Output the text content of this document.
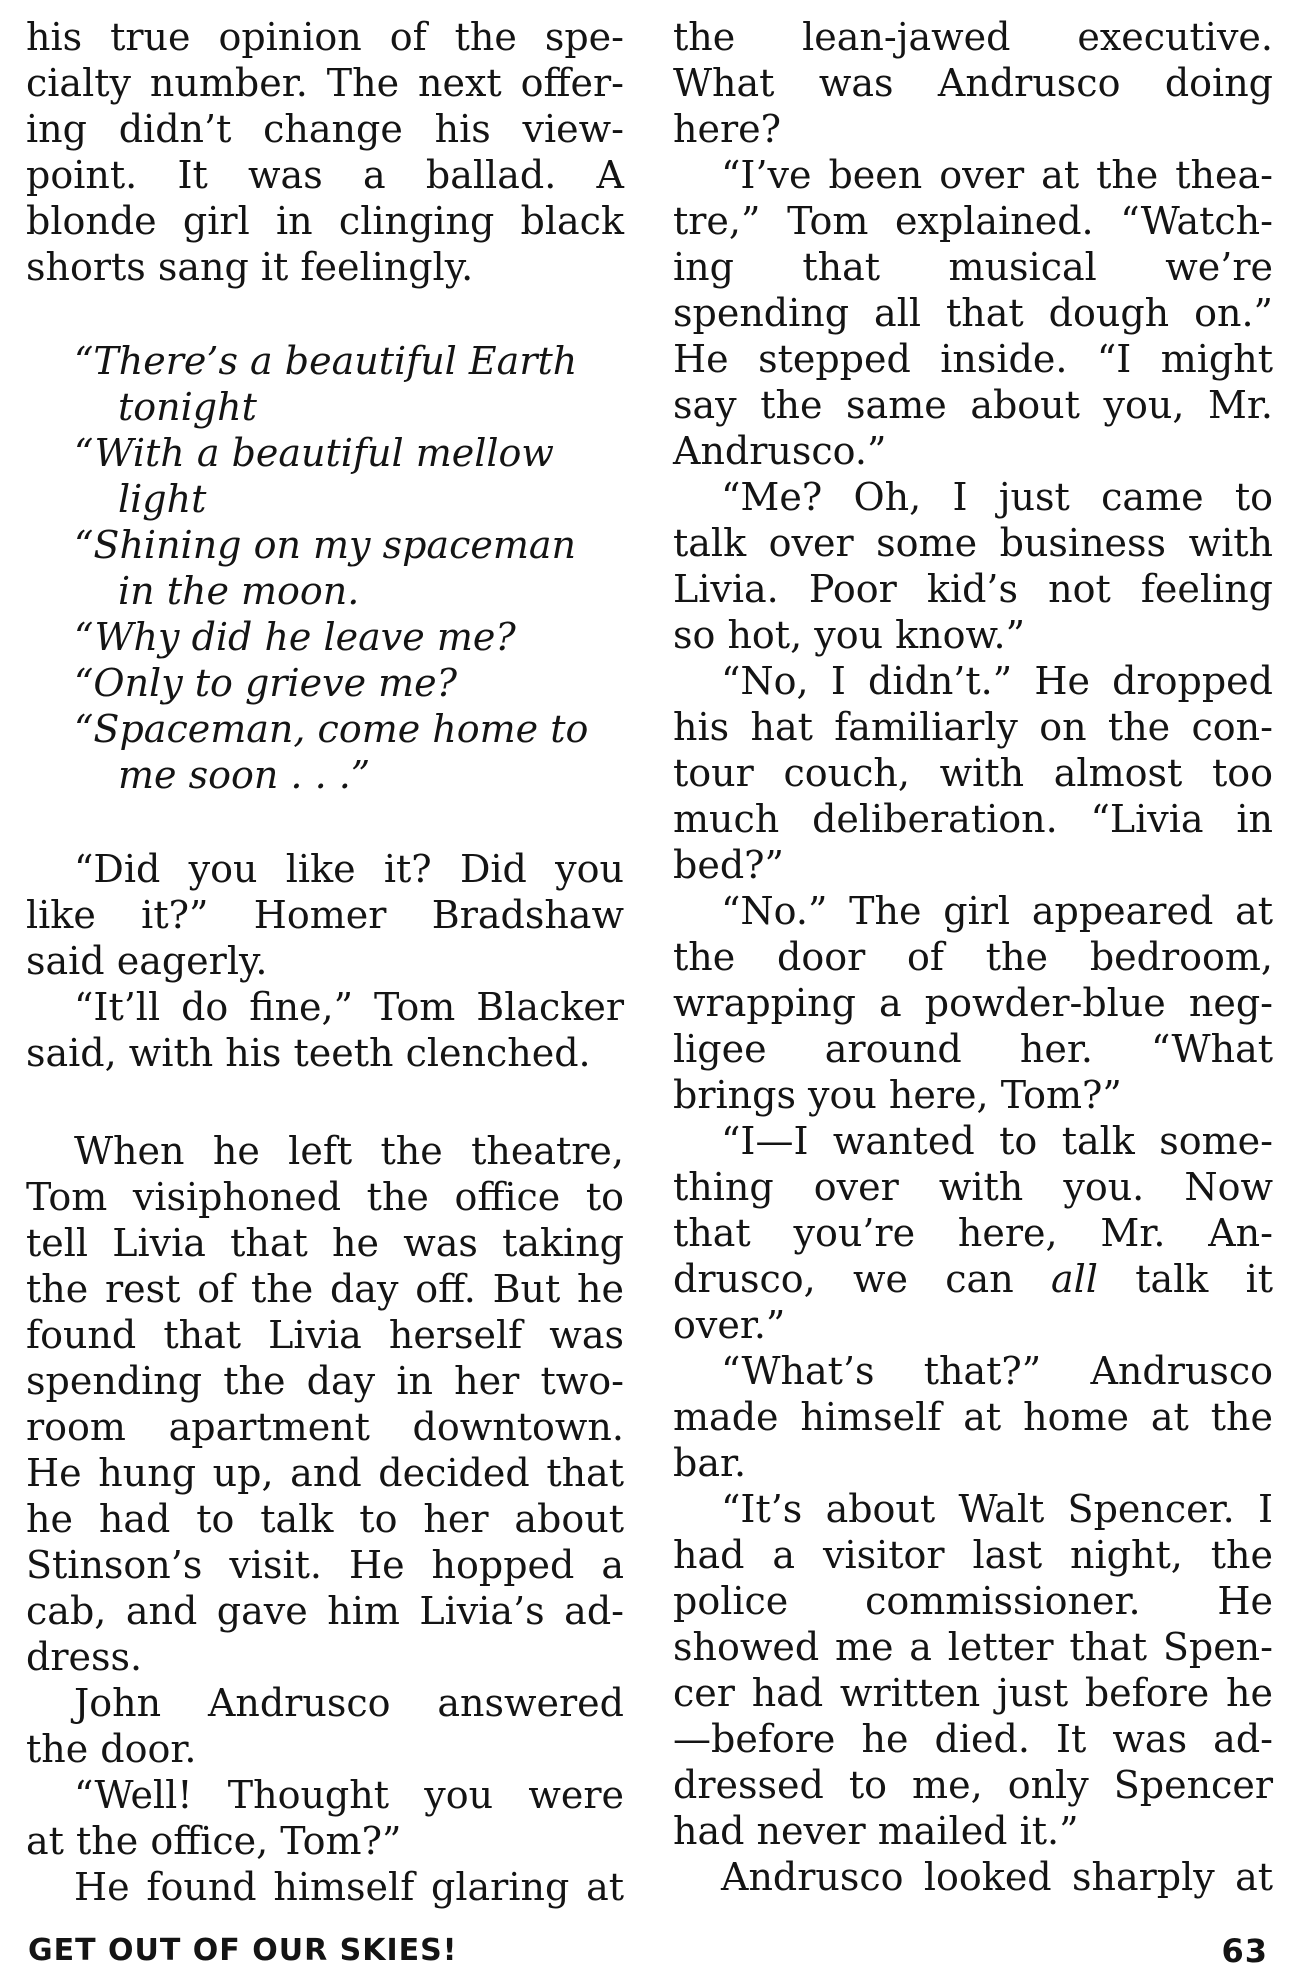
his true opinion of the spe-
cialty number. The next offer-
ing didn’t change his view-
point. It was a ballad. A
blonde girl in clinging black
shorts sang it feelingly.
“There’s a beautiful Earth
tonight
“With a beautiful mellow
light
“Shining on my spaceman
in the moon.
“Why did he leave me?
“Only to grieve me?
“Spaceman, come home to
me soon . . .”
“Did you like it? Did you
like it?” Homer Bradshaw
said eagerly.
“It’ll do fine,” Tom Blacker
said, with his teeth clenched.
When he left the theatre,
Tom visiphoned the office to
tell Livia that he was taking
the rest of the day off. But he
found that Livia herself was
spending the day in her two-
room apartment downtown.
He hung up, and decided that
he had to talk to her about
Stinson’s visit. He hopped a
cab, and gave him Livia’s ad-
dress.
John Andrusco answered
the door.
“Well! Thought you were
at the office, Tom?”
He found himself glaring at
the lean-jawed executive.
What was Andrusco doing
here?
“I’ve been over at the thea-
tre,” Tom explained. “Watch-
ing that musical we’re
spending all that dough on.”
He stepped inside. “I might
say the same about you, Mr.
Andrusco.”
“Me? Oh, I just came to
talk over some business with
Livia. Poor kid’s not feeling
so hot, you know.”
“No, I didn’t.” He dropped
his hat familiarly on the con-
tour couch, with almost too
much deliberation. “Livia in
bed?”
“No.” The girl appeared at
the door of the bedroom,
wrapping a powder-blue neg-
ligee around her. “What
brings you here, Tom?”
“I—I wanted to talk some-
thing over with you. Now
that you’re here, Mr. An-
drusco, we can all talk it
over.”
“What’s that?” Andrusco
made himself at home at the
bar.
“It’s about Walt Spencer. I
had a visitor last night, the
police commissioner. He
showed me a letter that Spen-
cer had written just before he
—before he died. It was ad-
dressed to me, only Spencer
had never mailed it.”
Andrusco looked sharply at
GET OUT OF OUR SKIES!	63
